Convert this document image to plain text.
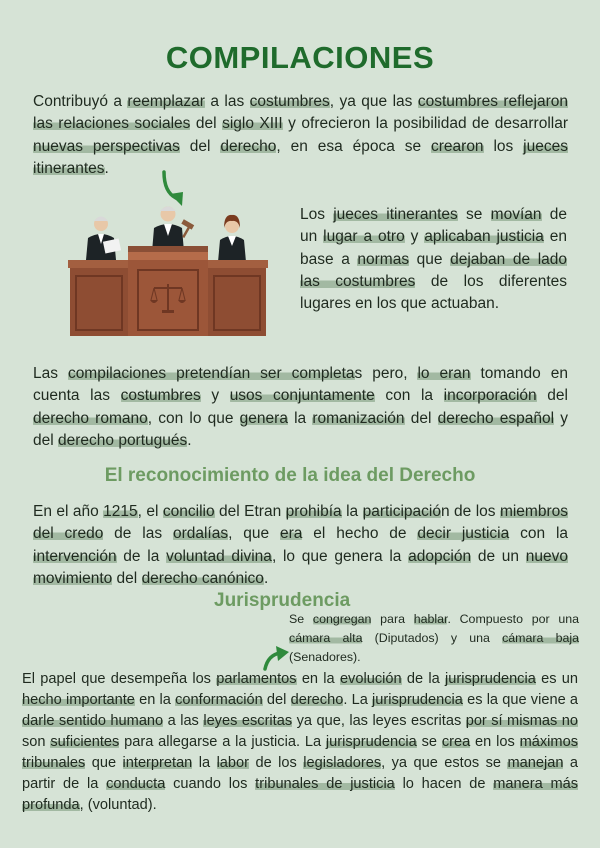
COMPILACIONES

Contribuyó a reemplazar a las costumbres, ya que las costumbres reflejaron las relaciones sociales del siglo XIII y ofrecieron la posibilidad de desarrollar nuevas perspectivas del derecho, en esa época se crearon los jueces itinerantes.

Los jueces itinerantes se movían de un lugar a otro y aplicaban justicia en base a normas que dejaban de lado las costumbres de los diferentes lugares en los que actuaban.

Las compilaciones pretendían ser completas pero, lo eran tomando en cuenta las costumbres y usos conjuntamente con la incorporación del derecho romano, con lo que genera la romanización del derecho español y del derecho portugués.

El reconocimiento de la idea del Derecho

En el año 1215, el concilio del Etran prohibía la participación de los miembros del credo de las ordalías, que era el hecho de decir justicia con la intervención de la voluntad divina, lo que genera la adopción de un nuevo movimiento del derecho canónico.

Jurisprudencia
Se congregan para hablar. Compuesto por una cámara alta (Diputados) y una cámara baja (Senadores).

El papel que desempeña los parlamentos en la evolución de la jurisprudencia es un hecho importante en la conformación del derecho. La jurisprudencia es la que viene a darle sentido humano a las leyes escritas ya que, las leyes escritas por sí mismas no son suficientes para allegarse a la justicia. La jurisprudencia se crea en los máximos tribunales que interpretan la labor de los legisladores, ya que estos se manejan a partir de la conducta cuando los tribunales de justicia lo hacen de manera más profunda, (voluntad).
